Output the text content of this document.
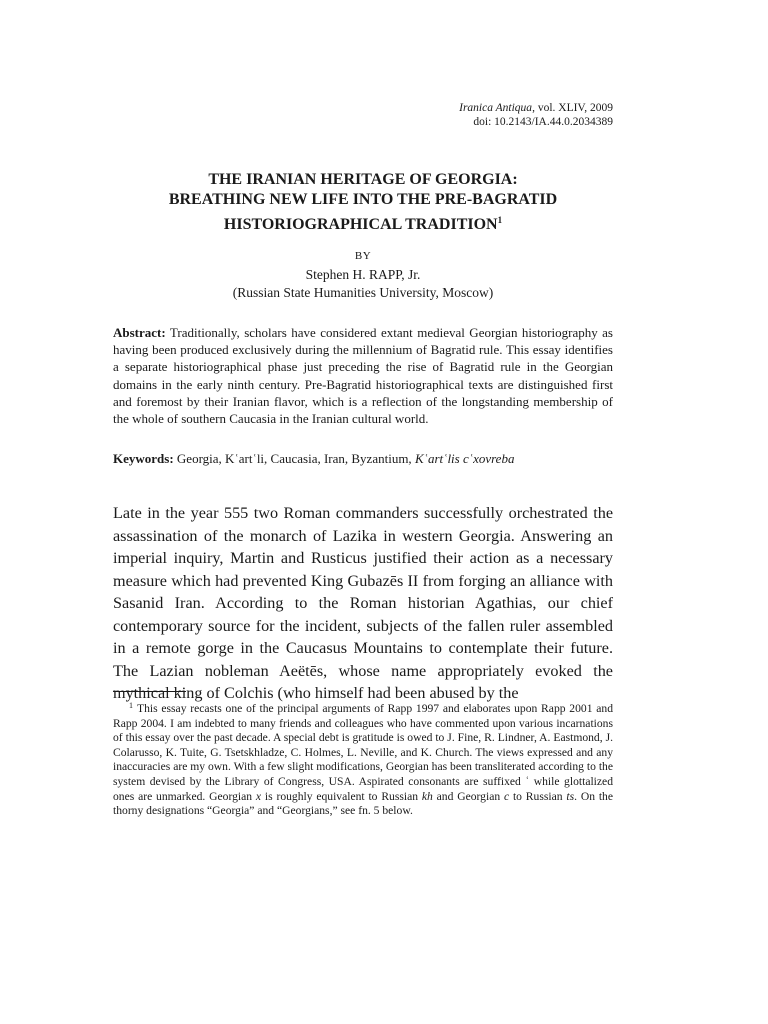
Iranica Antiqua, vol. XLIV, 2009
doi: 10.2143/IA.44.0.2034389
THE IRANIAN HERITAGE OF GEORGIA:
BREATHING NEW LIFE INTO THE PRE-BAGRATID
HISTORIOGRAPHICAL TRADITION$^1$
BY
Stephen H. RAPP, Jr.
(Russian State Humanities University, Moscow)
Abstract: Traditionally, scholars have considered extant medieval Georgian historiography as having been produced exclusively during the millennium of Bagratid rule. This essay identifies a separate historiographical phase just preceding the rise of Bagratid rule in the Georgian domains in the early ninth century. Pre-Bagratid historiographical texts are distinguished first and foremost by their Iranian flavor, which is a reflection of the longstanding membership of the whole of southern Caucasia in the Iranian cultural world.
Keywords: Georgia, Kʿartʿli, Caucasia, Iran, Byzantium, Kʿartʿlis cʿxovreba
Late in the year 555 two Roman commanders successfully orchestrated the assassination of the monarch of Lazika in western Georgia. Answering an imperial inquiry, Martin and Rusticus justified their action as a necessary measure which had prevented King Gubazēs II from forging an alliance with Sasanid Iran. According to the Roman historian Agathias, our chief contemporary source for the incident, subjects of the fallen ruler assembled in a remote gorge in the Caucasus Mountains to contemplate their future. The Lazian nobleman Aeëtēs, whose name appropriately evoked the mythical king of Colchis (who himself had been abused by the
$^1$ This essay recasts one of the principal arguments of Rapp 1997 and elaborates upon Rapp 2001 and Rapp 2004. I am indebted to many friends and colleagues who have commented upon various incarnations of this essay over the past decade. A special debt is gratitude is owed to J. Fine, R. Lindner, A. Eastmond, J. Colarusso, K. Tuite, G. Tsetskhladze, C. Holmes, L. Neville, and K. Church. The views expressed and any inaccuracies are my own. With a few slight modifications, Georgian has been transliterated according to the system devised by the Library of Congress, USA. Aspirated consonants are suffixed ʿ while glottalized ones are unmarked. Georgian x is roughly equivalent to Russian kh and Georgian c to Russian ts. On the thorny designations “Georgia” and “Georgians,” see fn. 5 below.
